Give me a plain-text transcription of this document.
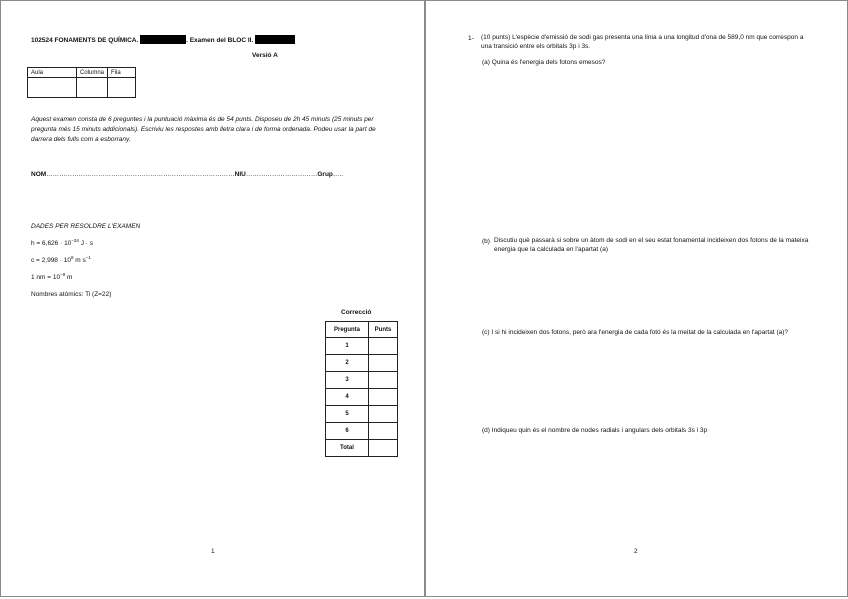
102524 FONAMENTS DE QUÍMICA.	. Examen del BLOC II.
Versió A
Aula	Columna	Fila

Aquest examen consta de 6 preguntes i la puntuació màxima és de 54 punts. Disposeu de 2h 45 minuts (25 minuts per pregunta més 15 minuts addicionals). Escriviu les respostes amb lletra clara i de forma ordenada. Podeu usar la part de darrera dels fulls com a esborrany.
NOM……………………………………………………………………………NIU……………………………Grup…..
DADES PER RESOLDRE L'EXAMEN
$h = 6,626 \cdot 10^{-34}$ J · s
$c = 2,998 \cdot 10^8$ m $s^{-1}$
1 nm = $10^{-9}$ m
Nombres atòmics: Ti (Z=22)
Correcció
Pregunta	Punts
1	
2	
3	
4	
5	
6	
Total	
1
1- (10 punts) L'espècie d'emissió de sodi gas presenta una línia a una longitud d'ona de 589,0 nm que correspon a una transició entre els orbitals 3p i 3s.
(a) Quina és l'energia dels fotons emesos?
(b) Discutiu què passarà si sobre un àtom de sodi en el seu estat fonamental incideixen dos fotons de la mateixa energia que la calculada en l'apartat (a)
(c) I si hi incideixen dos fotons, però ara l'energia de cada fotó és la meitat de la calculada en l'apartat (a)?
(d) Indiqueu quin és el nombre de nodes radials i angulars dels orbitals 3s i 3p
2
